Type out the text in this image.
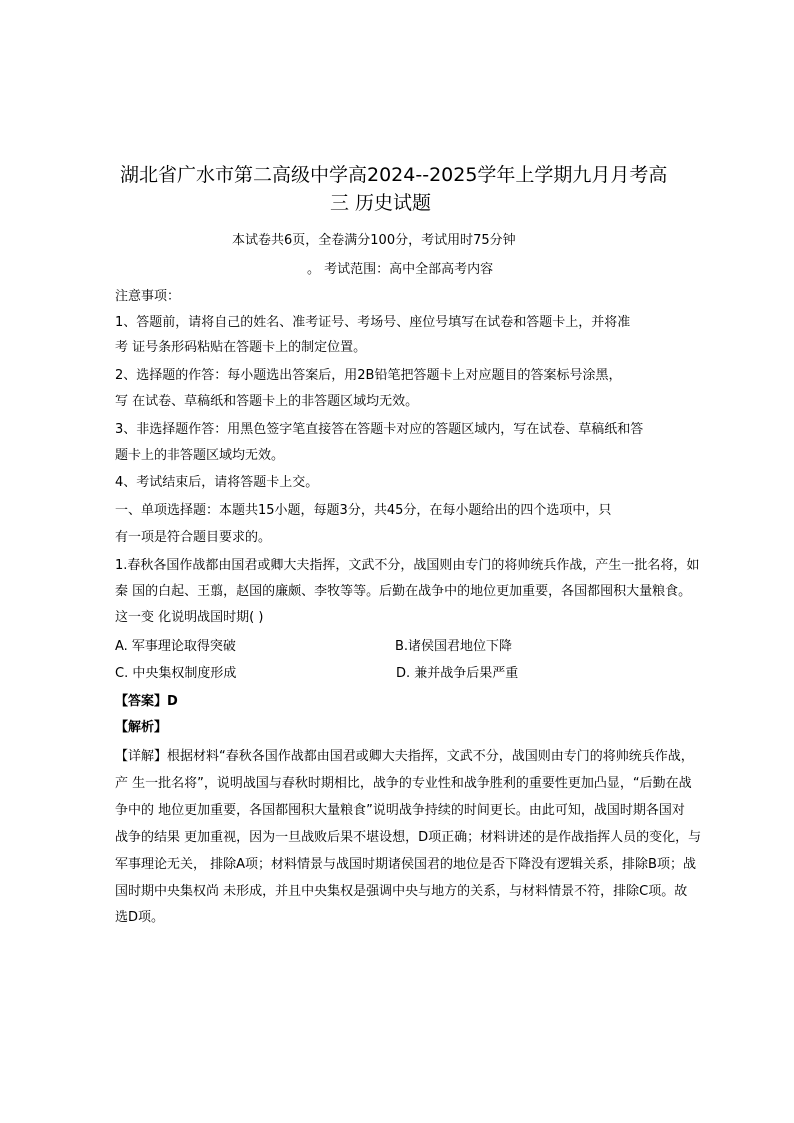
湖北省广水市第二高级中学高2024--2025学年上学期九月月考高
三 历史试题
本试卷共6页，全卷满分100分，考试用时75分钟
。 考试范围：高中全部高考内容
注意事项：
1、答题前，请将自己的姓名、准考证号、考场号、座位号填写在试卷和答题卡上，并将准
考 证号条形码粘贴在答题卡上的制定位置。
2、选择题的作答：每小题选出答案后，用2B铅笔把答题卡上对应题目的答案标号涂黑，
写 在试卷、草稿纸和答题卡上的非答题区域均无效。
3、非选择题作答：用黑色签字笔直接答在答题卡对应的答题区域内，写在试卷、草稿纸和答
题卡上的非答题区域均无效。
4、考试结束后，请将答题卡上交。
一、单项选择题：本题共15小题，每题3分，共45分，在每小题给出的四个选项中，只
有一项是符合题目要求的。
1.春秋各国作战都由国君或卿大夫指挥，文武不分，战国则由专门的将帅统兵作战，产生一批名将，如
秦 国的白起、王翦，赵国的廉颇、李牧等等。后勤在战争中的地位更加重要，各国都囤积大量粮食。
这一变 化说明战国时期( )
A. 军事理论取得突破	B.诸侯国君地位下降
C. 中央集权制度形成	D. 兼并战争后果严重
【答案】D
【解析】
【详解】根据材料“春秋各国作战都由国君或卿大夫指挥，文武不分，战国则由专门的将帅统兵作战，
产 生一批名将”，说明战国与春秋时期相比，战争的专业性和战争胜利的重要性更加凸显，“后勤在战
争中的 地位更加重要，各国都囤积大量粮食”说明战争持续的时间更长。由此可知，战国时期各国对
战争的结果 更加重视，因为一旦战败后果不堪设想，D项正确；材料讲述的是作战指挥人员的变化，与
军事理论无关， 排除A项；材料情景与战国时期诸侯国君的地位是否下降没有逻辑关系，排除B项；战
国时期中央集权尚 未形成，并且中央集权是强调中央与地方的关系，与材料情景不符，排除C项。故
选D项。
